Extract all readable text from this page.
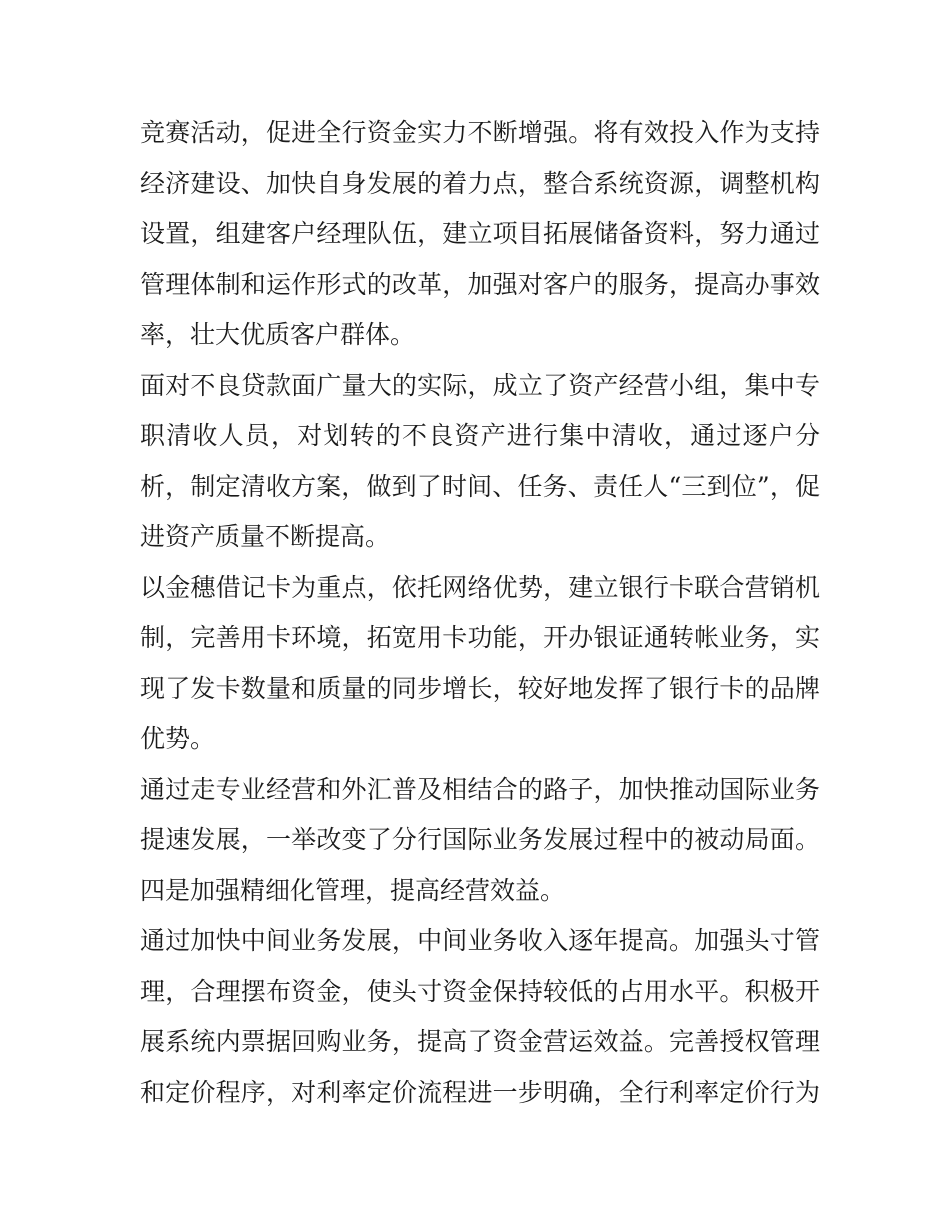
竞赛活动，促进全行资金实力不断增强。将有效投入作为支持
经济建设、加快自身发展的着力点，整合系统资源，调整机构
设置，组建客户经理队伍，建立项目拓展储备资料，努力通过
管理体制和运作形式的改革，加强对客户的服务，提高办事效
率，壮大优质客户群体。
面对不良贷款面广量大的实际，成立了资产经营小组，集中专
职清收人员，对划转的不良资产进行集中清收，通过逐户分
析，制定清收方案，做到了时间、任务、责任人“三到位”，促
进资产质量不断提高。
以金穗借记卡为重点，依托网络优势，建立银行卡联合营销机
制，完善用卡环境，拓宽用卡功能，开办银证通转帐业务，实
现了发卡数量和质量的同步增长，较好地发挥了银行卡的品牌
优势。
通过走专业经营和外汇普及相结合的路子，加快推动国际业务
提速发展，一举改变了分行国际业务发展过程中的被动局面。
四是加强精细化管理，提高经营效益。
通过加快中间业务发展，中间业务收入逐年提高。加强头寸管
理，合理摆布资金，使头寸资金保持较低的占用水平。积极开
展系统内票据回购业务，提高了资金营运效益。完善授权管理
和定价程序，对利率定价流程进一步明确，全行利率定价行为
